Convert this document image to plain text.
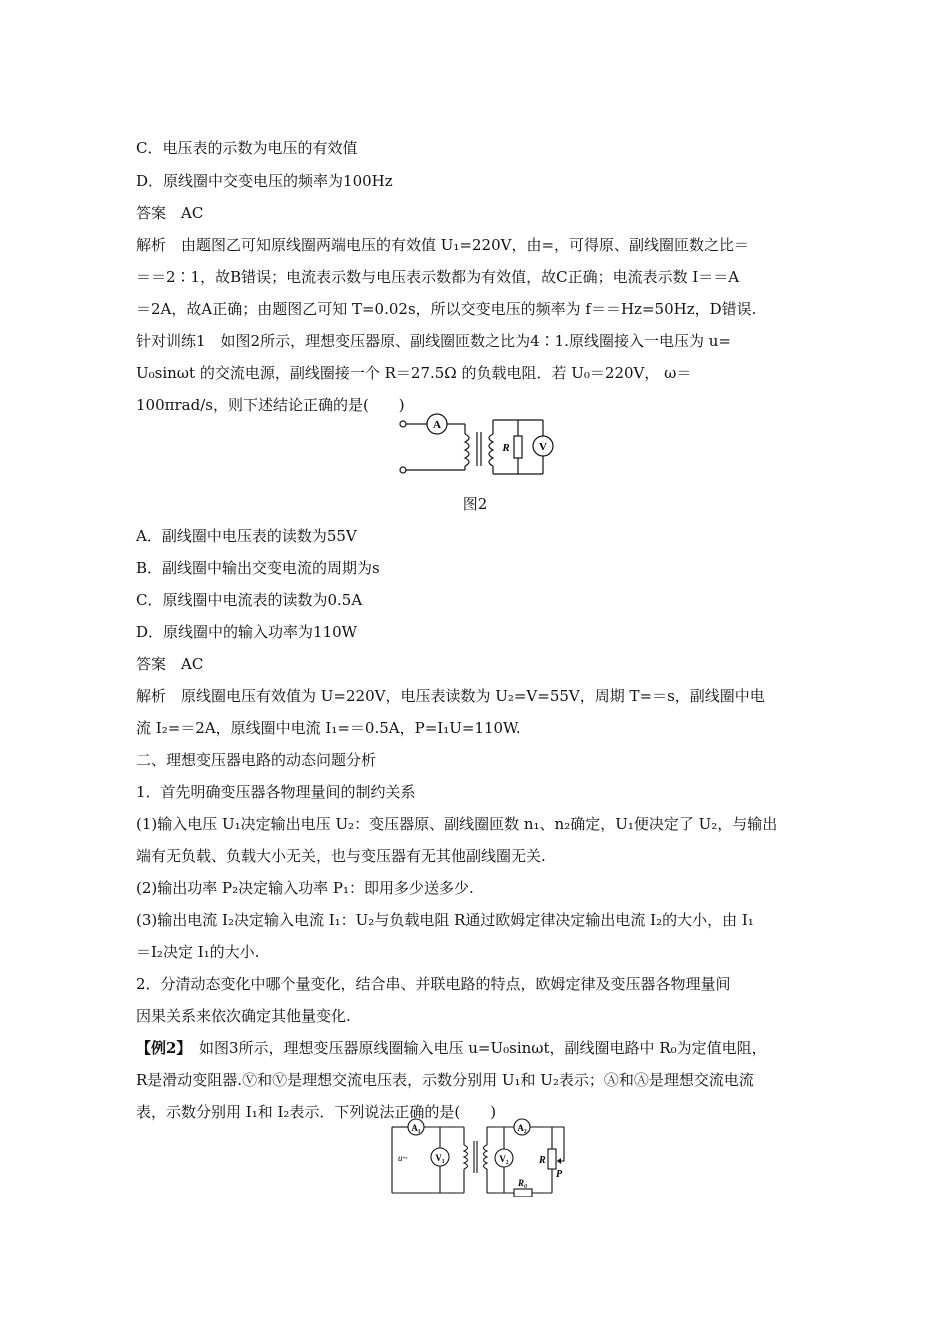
C．电压表的示数为电压的有效值
D．原线圈中交变电压的频率为100Hz
答案　AC
解析　由题图乙可知原线圈两端电压的有效值 U₁=220V，由=，可得原、副线圈匝数之比＝
＝＝2∶1，故B错误；电流表示数与电压表示数都为有效值，故C正确；电流表示数 I＝＝A
＝2A，故A正确；由题图乙可知 T=0.02s，所以交变电压的频率为 f＝＝Hz=50Hz，D错误.
针对训练1　如图2所示，理想变压器原、副线圈匝数之比为4∶1.原线圈接入一电压为 u=
U₀sinωt 的交流电源，副线圈接一个 R＝27.5Ω 的负载电阻．若 U₀＝220V， ω＝
100πrad/s，则下述结论正确的是(　　)
A
V
R
图2
A．副线圈中电压表的读数为55V
B．副线圈中输出交变电流的周期为s
C．原线圈中电流表的读数为0.5A
D．原线圈中的输入功率为110W
答案　AC
解析　原线圈电压有效值为 U=220V，电压表读数为 U₂=V=55V，周期 T=＝s，副线圈中电
流 I₂=＝2A，原线圈中电流 I₁=＝0.5A，P=I₁U=110W.
二、理想变压器电路的动态问题分析
1．首先明确变压器各物理量间的制约关系
(1)输入电压 U₁决定输出电压 U₂：变压器原、副线圈匝数 n₁、n₂确定，U₁便决定了 U₂，与输出
端有无负载、负载大小无关，也与变压器有无其他副线圈无关.
(2)输出功率 P₂决定输入功率 P₁：即用多少送多少.
(3)输出电流 I₂决定输入电流 I₁：U₂与负载电阻 R通过欧姆定律决定输出电流 I₂的大小，由 I₁
＝I₂决定 I₁的大小.
2．分清动态变化中哪个量变化，结合串、并联电路的特点，欧姆定律及变压器各物理量间
因果关系来依次确定其他量变化.
【例2】　如图3所示，理想变压器原线圈输入电压 u=U₀sinωt，副线圈电路中 R₀为定值电阻，
R是滑动变阻器.Ⓥ和Ⓥ是理想交流电压表，示数分别用 U₁和 U₂表示；Ⓐ和Ⓐ是理想交流电流
表，示数分别用 I₁和 I₂表示．下列说法正确的是(　　)
A₁
V₁
A₂
V₂
u~	R
P
R₀
